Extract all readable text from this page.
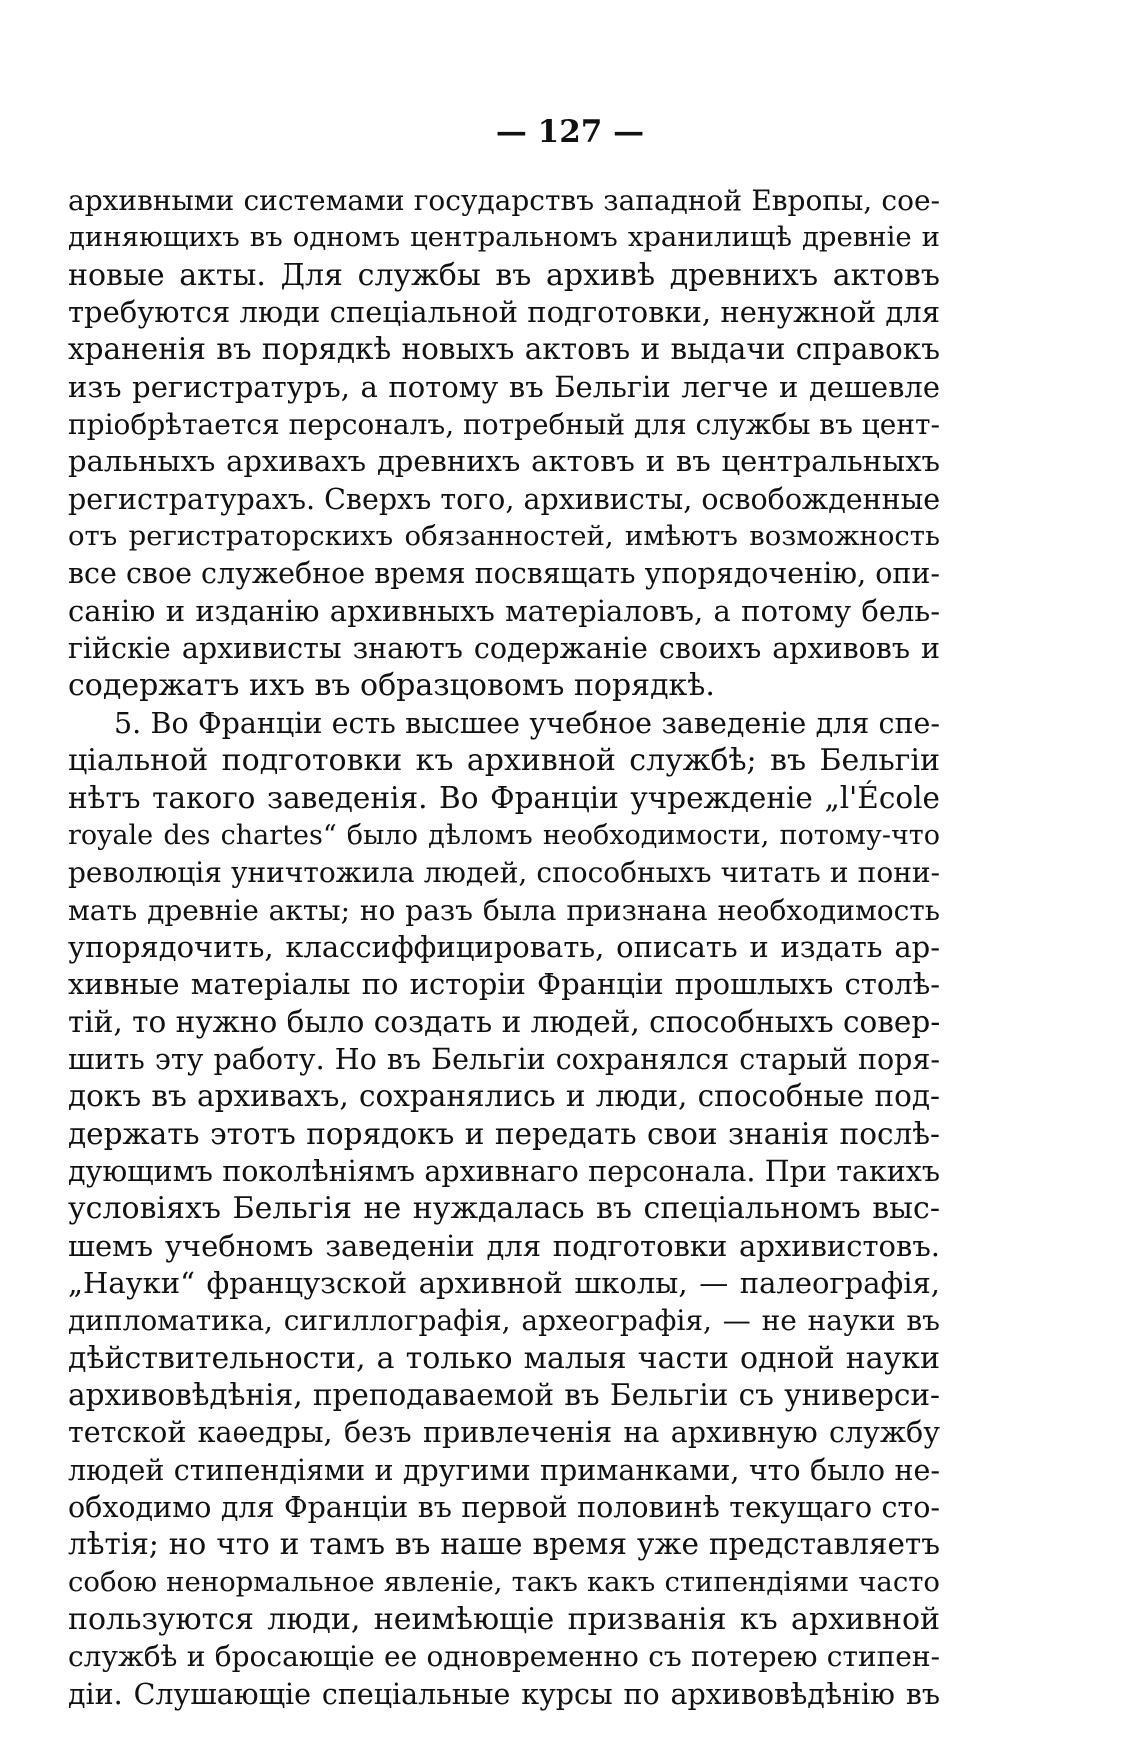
— 127 —
архивными системами государствъ западной Европы, сое-
диняющихъ въ одномъ центральномъ хранилищѣ древнiе и
новые акты. Для службы въ архивѣ древнихъ актовъ
требуются люди спецiальной подготовки, ненужной для
храненiя въ порядкѣ новыхъ актовъ и выдачи справокъ
изъ регистратуръ, а потому въ Бельгiи легче и дешевле
прiобрѣтается персоналъ, потребный для службы въ цент-
ральныхъ архивахъ древнихъ актовъ и въ центральныхъ
регистратурахъ. Сверхъ того, архивисты, освобожденные
отъ регистраторскихъ обязанностей, имѣютъ возможность
все свое служебное время посвящать упорядоченiю, опи-
санiю и изданiю архивныхъ матерiаловъ, а потому бель-
гiйскiе архивисты знаютъ содержанiе своихъ архивовъ и
содержатъ ихъ въ образцовомъ порядкѣ.
5. Во Францiи есть высшее учебное заведенiе для спе-
цiальной подготовки къ архивной службѣ; въ Бельгiи
нѣтъ такого заведенiя. Во Францiи учрежденiе „l'École
royale des chartes“ было дѣломъ необходимости, потому-что
революцiя уничтожила людей, способныхъ читать и пони-
мать древнiе акты; но разъ была признана необходимость
упорядочить, классиффицировать, описать и издать ар-
хивные матерiалы по исторiи Францiи прошлыхъ столѣ-
тiй, то нужно было создать и людей, способныхъ совер-
шить эту работу. Но въ Бельгiи сохранялся старый поря-
докъ въ архивахъ, сохранялись и люди, способные под-
держать этотъ порядокъ и передать свои знанiя послѣ-
дующимъ поколѣнiямъ архивнаго персонала. При такихъ
условiяхъ Бельгiя не нуждалась въ спецiальномъ выс-
шемъ учебномъ заведенiи для подготовки архивистовъ.
„Науки“ французской архивной школы, — палеографiя,
дипломатика, сигиллографiя, археографiя, — не науки въ
дѣйствительности, а только малыя части одной науки
архивовѣдѣнiя, преподаваемой въ Бельгiи съ универси-
тетской каѳедры, безъ привлеченiя на архивную службу
людей стипендiями и другими приманками, что было не-
обходимо для Францiи въ первой половинѣ текущаго сто-
лѣтiя; но что и тамъ въ наше время уже представляетъ
собою ненормальное явленiе, такъ какъ стипендiями часто
пользуются люди, неимѣющiе призванiя къ архивной
службѣ и бросающiе ее одновременно съ потерею стипен-
дiи. Слушающiе спецiальные курсы по архивовѣдѣнiю въ
